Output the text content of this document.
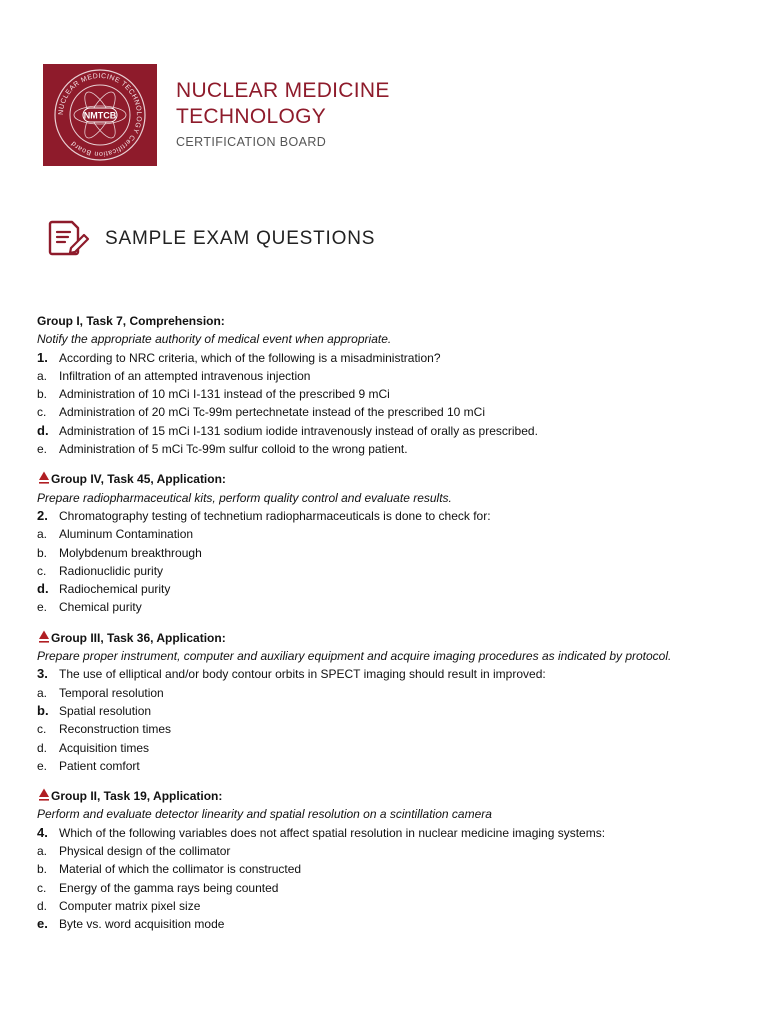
NUCLEAR MEDICINE TECHNOLOGY Certification Board
NMTCB
NUCLEAR MEDICINE
TECHNOLOGY
CERTIFICATION BOARD
SAMPLE EXAM QUESTIONS
Group I, Task 7, Comprehension:
Notify the appropriate authority of medical event when appropriate.
1. According to NRC criteria, which of the following is a misadministration?
a. Infiltration of an attempted intravenous injection
b. Administration of 10 mCi I-131 instead of the prescribed 9 mCi
c. Administration of 20 mCi Tc-99m pertechnetate instead of the prescribed 10 mCi
d. Administration of 15 mCi I-131 sodium iodide intravenously instead of orally as prescribed.
e. Administration of 5 mCi Tc-99m sulfur colloid to the wrong patient.
Group IV, Task 45, Application:
Prepare radiopharmaceutical kits, perform quality control and evaluate results.
2. Chromatography testing of technetium radiopharmaceuticals is done to check for:
a. Aluminum Contamination
b. Molybdenum breakthrough
c. Radionuclidic purity
d. Radiochemical purity
e. Chemical purity
Group III, Task 36, Application:
Prepare proper instrument, computer and auxiliary equipment and acquire imaging procedures as indicated by protocol.
3. The use of elliptical and/or body contour orbits in SPECT imaging should result in improved:
a. Temporal resolution
b. Spatial resolution
c. Reconstruction times
d. Acquisition times
e. Patient comfort
Group II, Task 19, Application:
Perform and evaluate detector linearity and spatial resolution on a scintillation camera
4. Which of the following variables does not affect spatial resolution in nuclear medicine imaging systems:
a. Physical design of the collimator
b. Material of which the collimator is constructed
c. Energy of the gamma rays being counted
d. Computer matrix pixel size
e. Byte vs. word acquisition mode
